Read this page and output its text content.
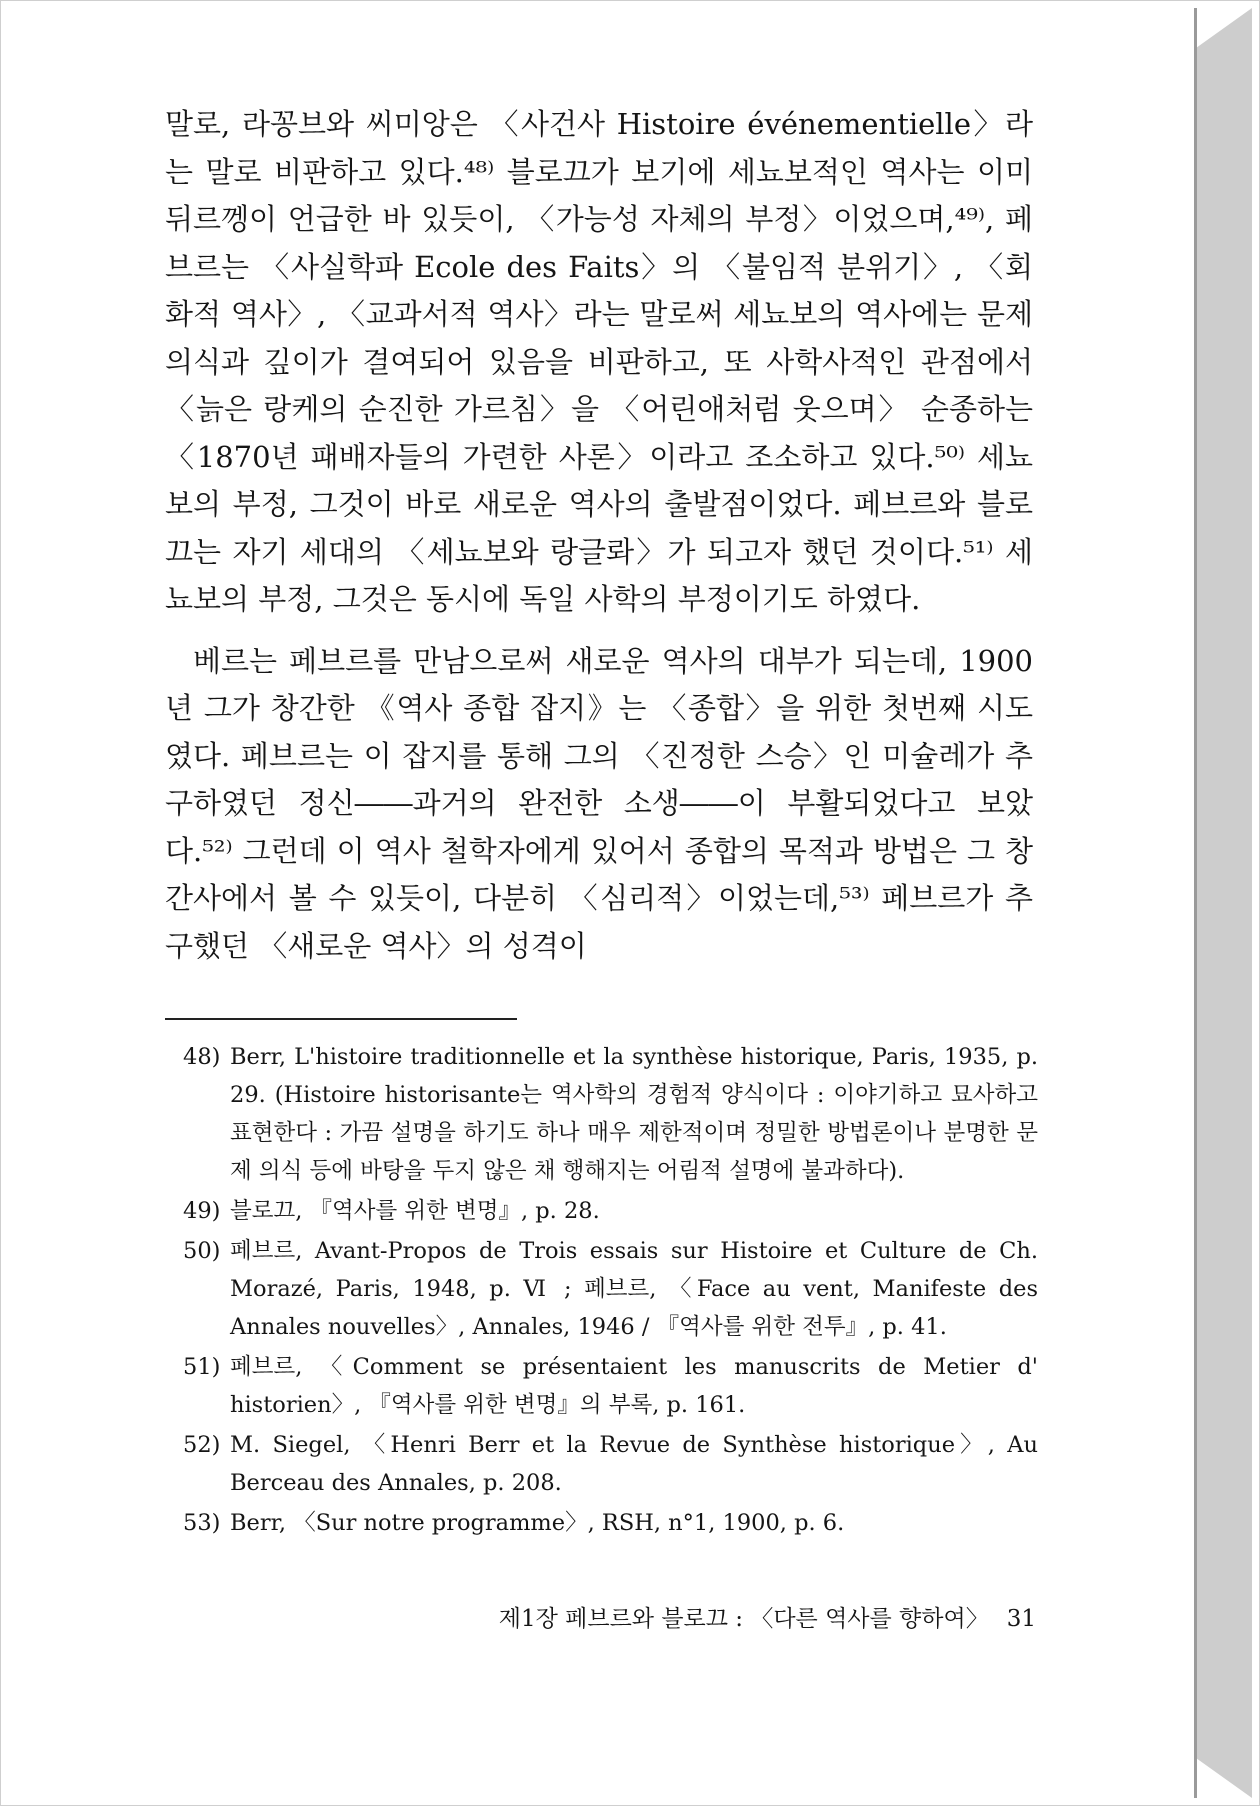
말로, 라꽁브와 씨미앙은 〈사건사 Histoire événementielle〉라는 말로 비판하고 있다.⁴⁸⁾ 블로끄가 보기에 세뇨보적인 역사는 이미 뒤르껭이 언급한 바 있듯이, 〈가능성 자체의 부정〉이었으며,⁴⁹⁾, 페브르는 〈사실학파 Ecole des Faits〉의 〈불임적 분위기〉, 〈회화적 역사〉, 〈교과서적 역사〉라는 말로써 세뇨보의 역사에는 문제 의식과 깊이가 결여되어 있음을 비판하고, 또 사학사적인 관점에서 〈늙은 랑케의 순진한 가르침〉을 〈어린애처럼 웃으며〉 순종하는 〈1870년 패배자들의 가련한 사론〉이라고 조소하고 있다.⁵⁰⁾ 세뇨보의 부정, 그것이 바로 새로운 역사의 출발점이었다. 페브르와 블로끄는 자기 세대의 〈세뇨보와 랑글롸〉가 되고자 했던 것이다.⁵¹⁾ 세뇨보의 부정, 그것은 동시에 독일 사학의 부정이기도 하였다.

베르는 페브르를 만남으로써 새로운 역사의 대부가 되는데, 1900년 그가 창간한 《역사 종합 잡지》는 〈종합〉을 위한 첫번째 시도였다. 페브르는 이 잡지를 통해 그의 〈진정한 스승〉인 미슐레가 추구하였던 정신――과거의 완전한 소생――이 부활되었다고 보았다.⁵²⁾ 그런데 이 역사 철학자에게 있어서 종합의 목적과 방법은 그 창간사에서 볼 수 있듯이, 다분히 〈심리적〉이었는데,⁵³⁾ 페브르가 추구했던 〈새로운 역사〉의 성격이

48) Berr, L'histoire traditionnelle et la synthèse historique, Paris, 1935, p. 29. (Histoire historisante는 역사학의 경험적 양식이다 : 이야기하고 묘사하고 표현한다 : 가끔 설명을 하기도 하나 매우 제한적이며 정밀한 방법론이나 분명한 문제 의식 등에 바탕을 두지 않은 채 행해지는 어림적 설명에 불과하다).
49) 블로끄, 『역사를 위한 변명』, p. 28.
50) 페브르, Avant-Propos de Trois essais sur Histoire et Culture de Ch. Morazé, Paris, 1948, p. Ⅵ ; 페브르, 〈Face au vent, Manifeste des Annales nouvelles〉, Annales, 1946 / 『역사를 위한 전투』, p. 41.
51) 페브르, 〈Comment se présentaient les manuscrits de Metier d' historien〉, 『역사를 위한 변명』의 부록, p. 161.
52) M. Siegel, 〈Henri Berr et la Revue de Synthèse historique〉, Au Berceau des Annales, p. 208.
53) Berr, 〈Sur notre programme〉, RSH, n°1, 1900, p. 6.
제1장 페브르와 블로끄 : 〈다른 역사를 향하여〉 31
